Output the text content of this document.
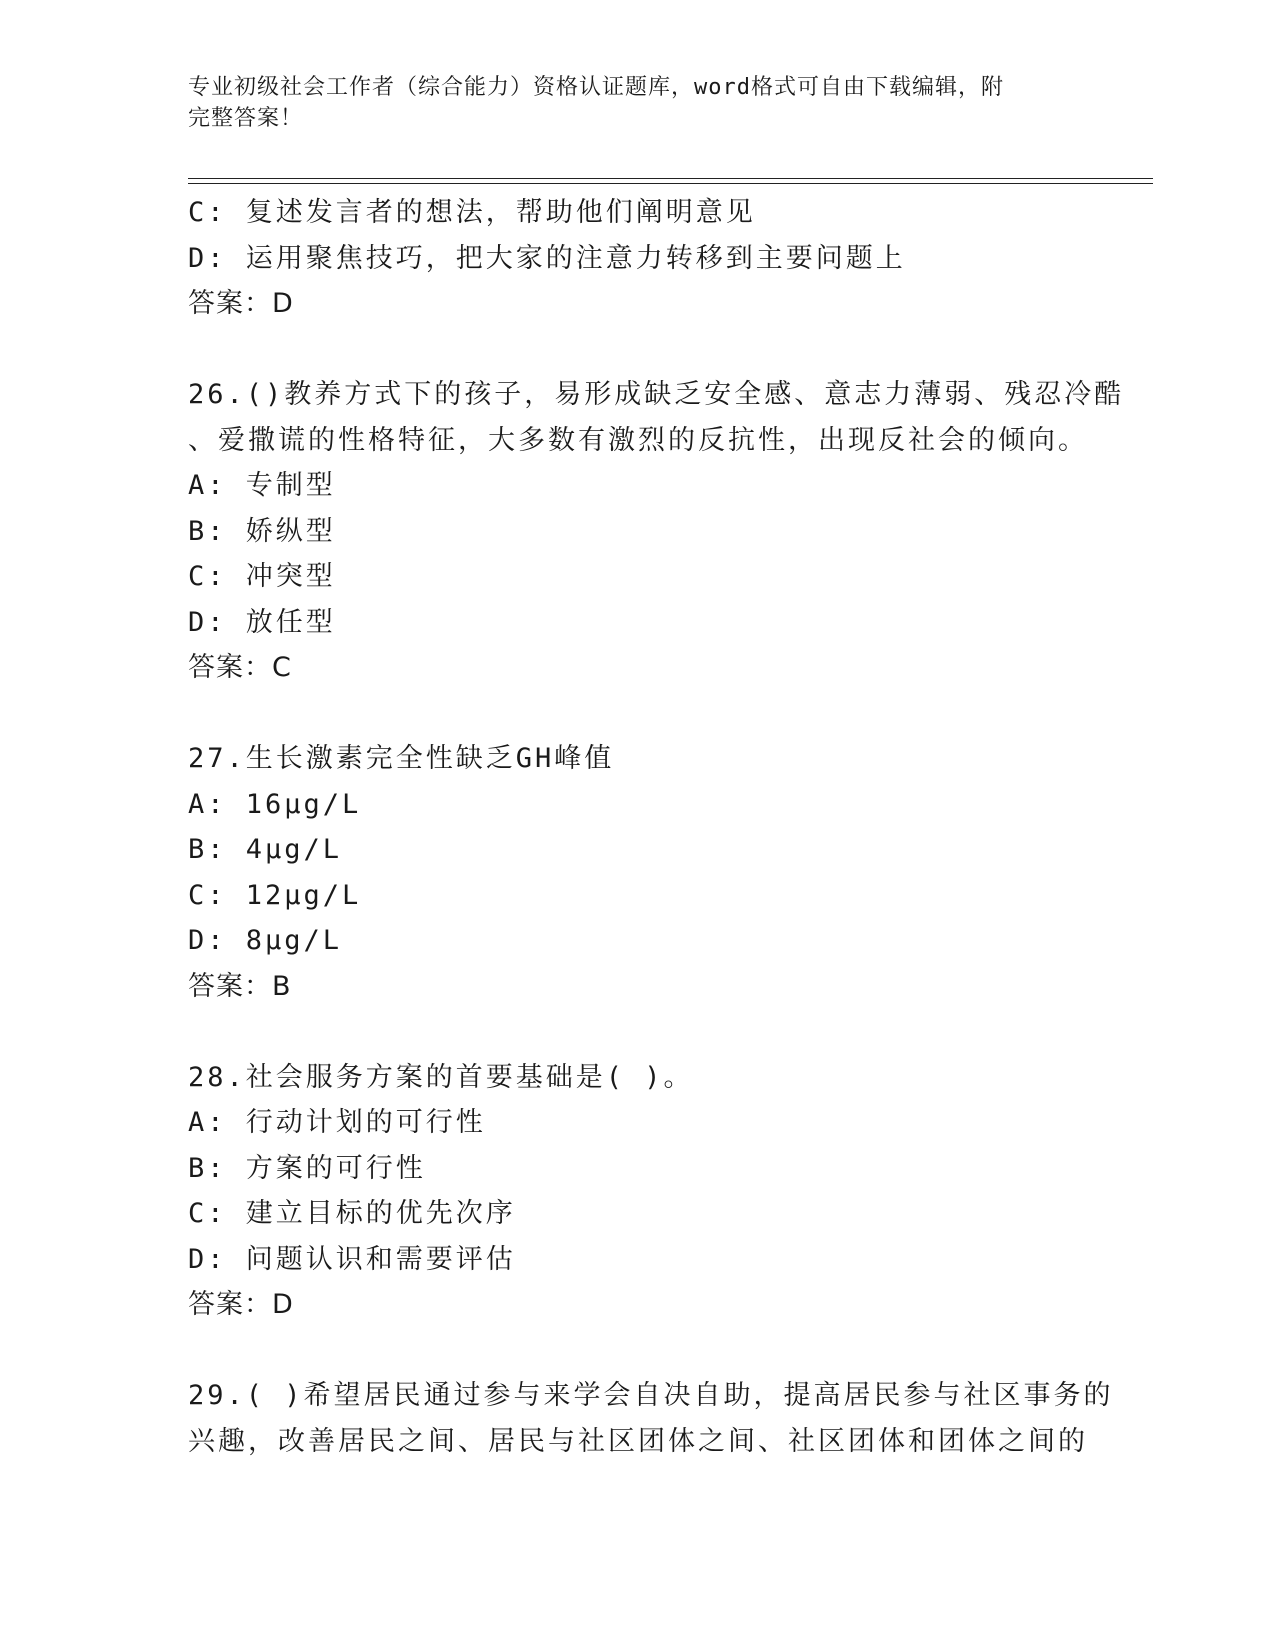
专业初级社会工作者（综合能力）资格认证题库，word格式可自由下载编辑，附
完整答案！
C: 复述发言者的想法，帮助他们阐明意见
D: 运用聚焦技巧，把大家的注意力转移到主要问题上
答案：D
26.()教养方式下的孩子，易形成缺乏安全感、意志力薄弱、残忍冷酷
、爱撒谎的性格特征，大多数有激烈的反抗性，出现反社会的倾向。
A: 专制型
B: 娇纵型
C: 冲突型
D: 放任型
答案：C
27.生长激素完全性缺乏GH峰值
A: 16μg/L
B: 4μg/L
C: 12μg/L
D: 8μg/L
答案：B
28.社会服务方案的首要基础是( )。
A: 行动计划的可行性
B: 方案的可行性
C: 建立目标的优先次序
D: 问题认识和需要评估
答案：D
29.( )希望居民通过参与来学会自决自助，提高居民参与社区事务的
兴趣，改善居民之间、居民与社区团体之间、社区团体和团体之间的
